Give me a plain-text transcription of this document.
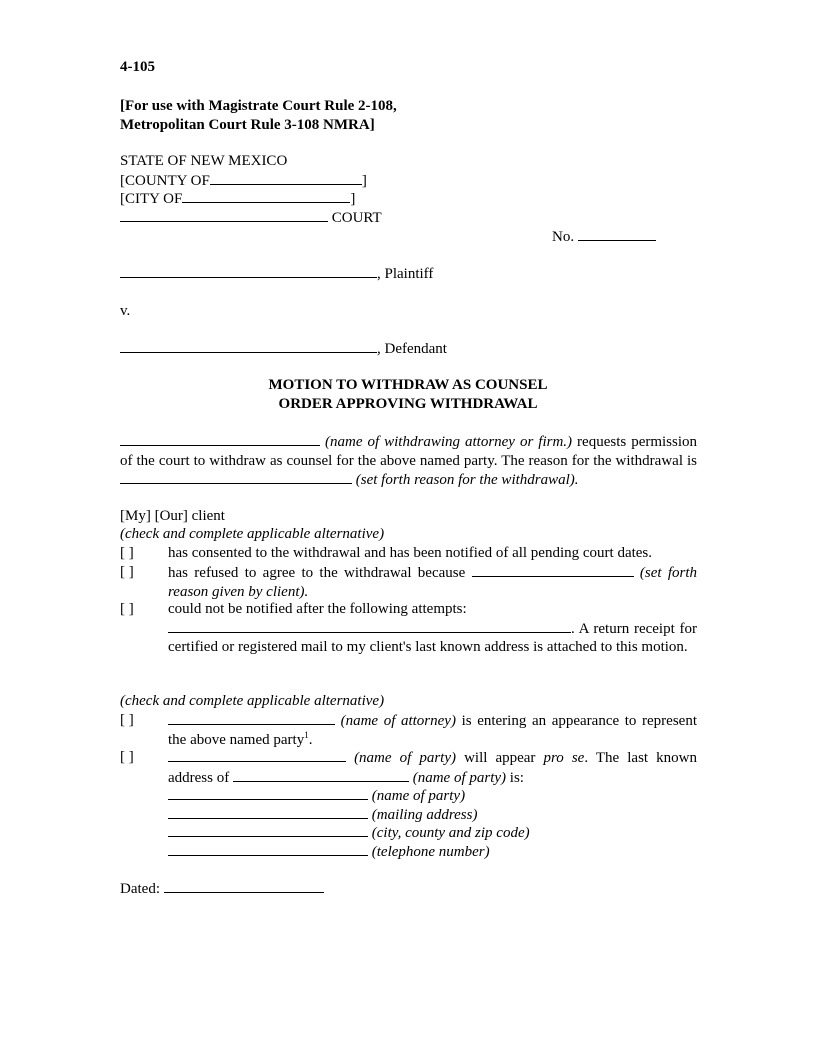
4-105
[For use with Magistrate Court Rule 2-108,
Metropolitan Court Rule 3-108 NMRA]
STATE OF NEW MEXICO
[COUNTY OF	]
[CITY OF	]
COURT
No.
, Plaintiff
v.
, Defendant
MOTION TO WITHDRAW AS COUNSEL
ORDER APPROVING WITHDRAWAL
(name of withdrawing attorney or firm.) requests permission of the court to withdraw as counsel for the above named party. The reason for the withdrawal is  (set forth reason for the withdrawal).
[My] [Our] client
(check and complete applicable alternative)
[ ] has consented to the withdrawal and has been notified of all pending court dates.
[ ] has refused to agree to the withdrawal because	(set forth reason given by client).
[ ] could not be notified after the following attempts:
. A return receipt for certified or registered mail to my client's last known address is attached to this motion.
(check and complete applicable alternative)
[ ]	(name of attorney) is entering an appearance to represent the above named party$^1$.
[ ]	(name of party) will appear pro se. The last known address of	(name of party) is:
(name of party)
(mailing address)
(city, county and zip code)
(telephone number)
Dated:
